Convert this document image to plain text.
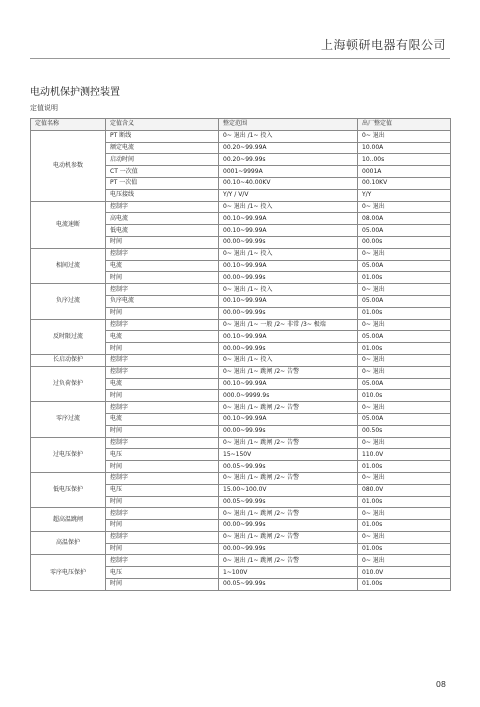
上海顿研电器有限公司
电动机保护测控装置
定值说明
定值名称	定值含义	整定范围	出厂整定值
电动机参数	PT 断线	0~ 退出 /1~ 投入	0~ 退出
	额定电流	00.20~99.99A	10.00A
	启动时间	00.20~99.99s	10..00s
	CT 一次值	0001~9999A	0001A
	PT 一次值	00.10~40.00KV	00.10KV
	电压接线	Y/Y / V/V	Y/Y
电流速断	控制字	0~ 退出 /1~ 投入	0~ 退出
	高电流	00.10~99.99A	08.00A
	低电流	00.10~99.99A	05.00A
	时间	00.00~99.99s	00.00s
相间过流	控制字	0~ 退出 /1~ 投入	0~ 退出
	电流	00.10~99.99A	05.00A
	时间	00.00~99.99s	01.00s
负序过流	控制字	0~ 退出 /1~ 投入	0~ 退出
	负序电流	00.10~99.99A	05.00A
	时间	00.00~99.99s	01.00s
反时限过流	控制字	0~ 退出 /1~ 一般 /2~ 非常 /3~ 极端	0~ 退出
	电流	00.10~99.99A	05.00A
	时间	00.00~99.99s	01.00s
长启动保护	控制字	0~ 退出 /1~ 投入	0~ 退出
过负荷保护	控制字	0~ 退出 /1~ 跳闸 /2~ 告警	0~ 退出
	电流	00.10~99.99A	05.00A
	时间	000.0~9999.9s	010.0s
零序过流	控制字	0~ 退出 /1~ 跳闸 /2~ 告警	0~ 退出
	电流	00.10~99.99A	05.00A
	时间	00.00~99.99s	00.50s
过电压保护	控制字	0~ 退出 /1~ 跳闸 /2~ 告警	0~ 退出
	电压	15~150V	110.0V
	时间	00.05~99.99s	01.00s
低电压保护	控制字	0~ 退出 /1~ 跳闸 /2~ 告警	0~ 退出
	电压	15.00~100.0V	080.0V
	时间	00.05~99.99s	01.00s
超高温跳闸	控制字	0~ 退出 /1~ 跳闸 /2~ 告警	0~ 退出
	时间	00.00~99.99s	01.00s
高温保护	控制字	0~ 退出 /1~ 跳闸 /2~ 告警	0~ 退出
	时间	00.00~99.99s	01.00s
零序电压保护	控制字	0~ 退出 /1~ 跳闸 /2~ 告警	0~ 退出
	电压	1~100V	010.0V
	时间	00.05~99.99s	01.00s
08
